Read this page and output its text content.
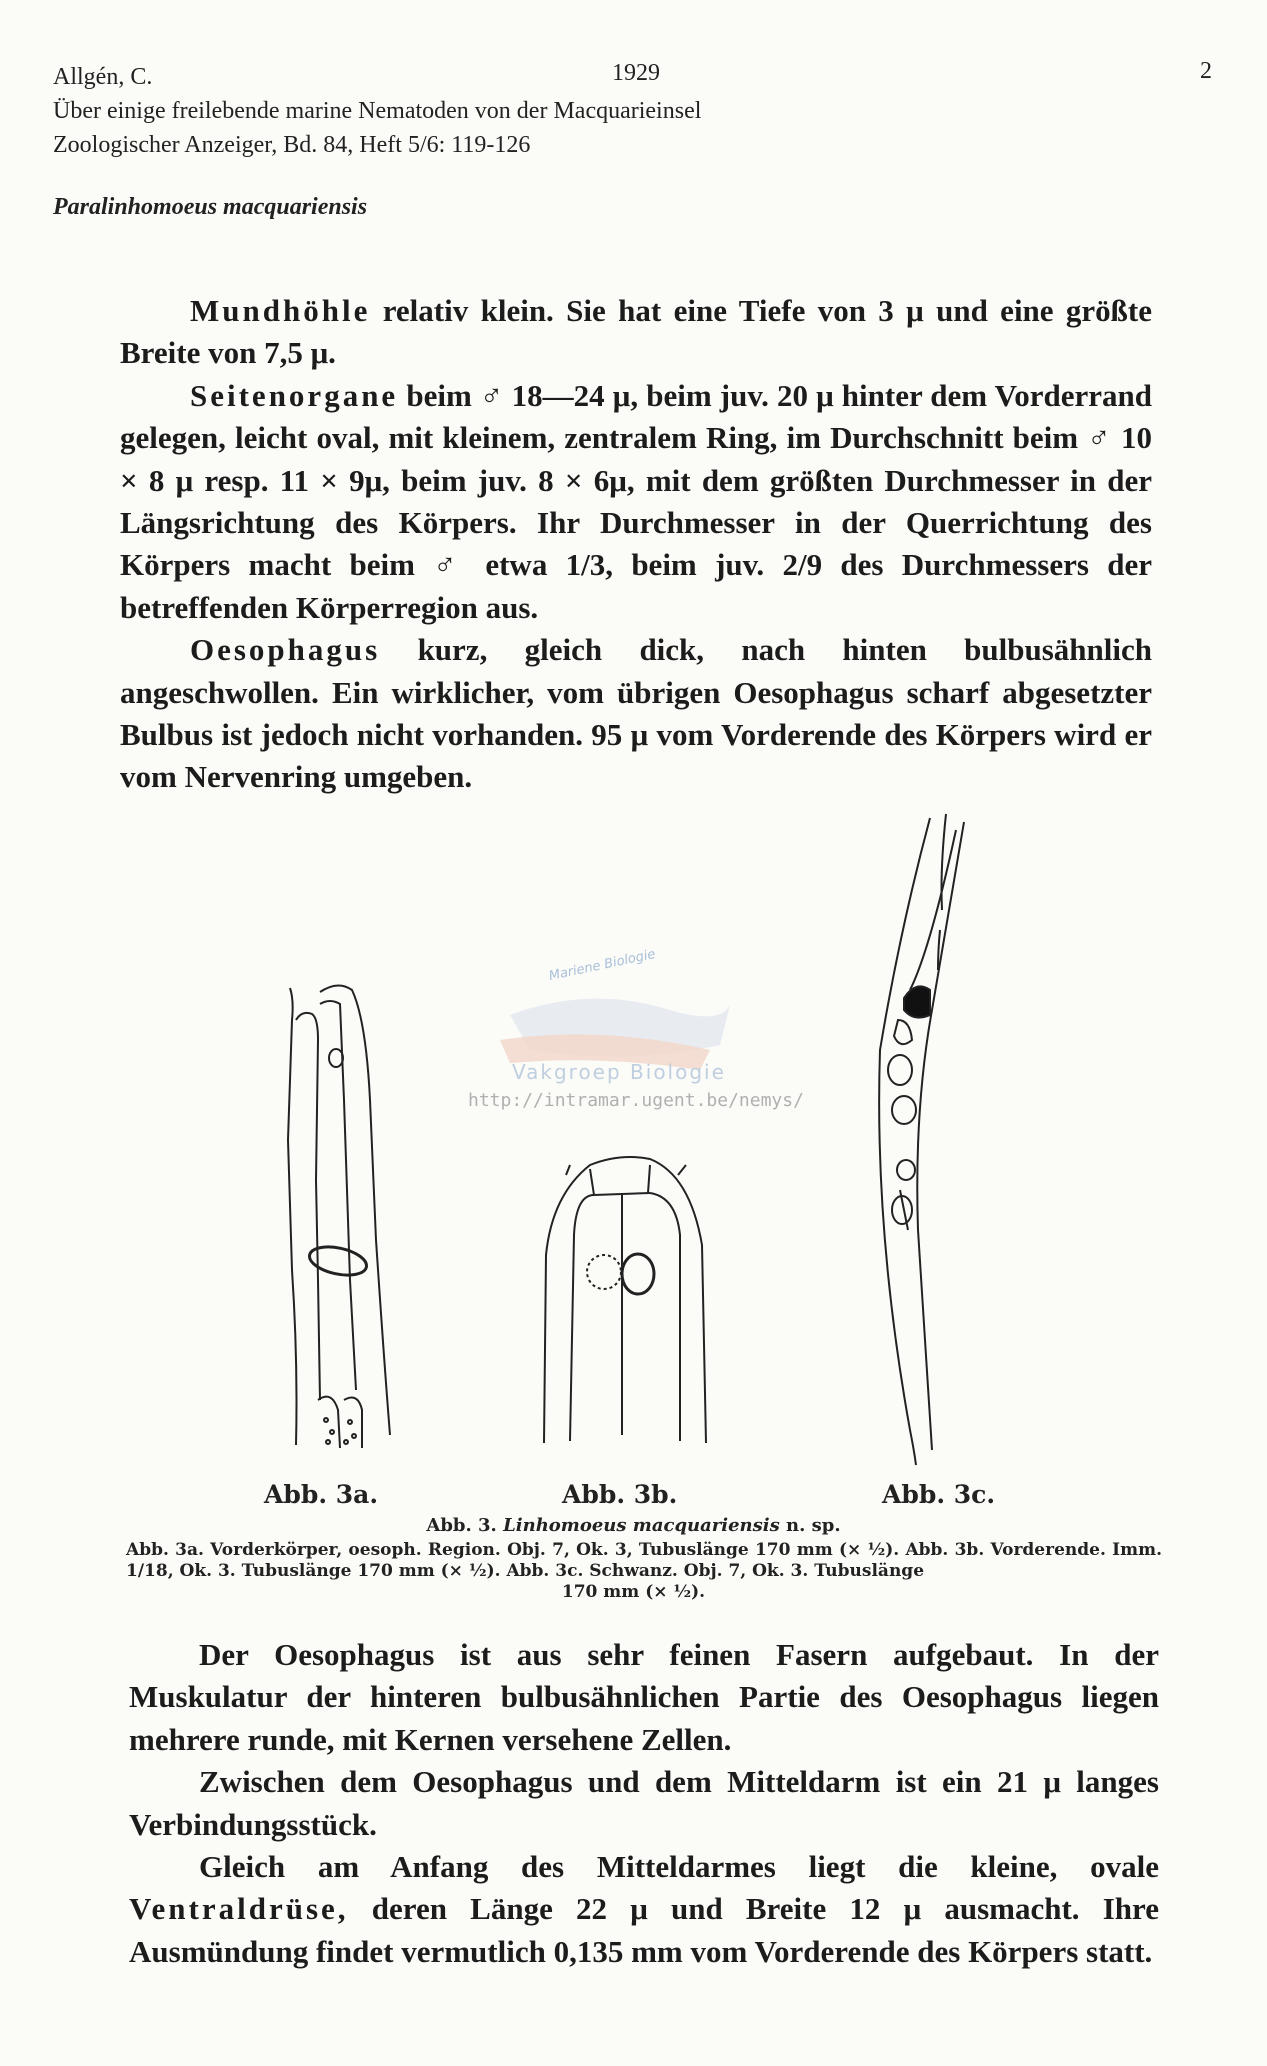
Allgén, C.	1929	2
Über einige freilebende marine Nematoden von der Macquarieinsel
Zoologischer Anzeiger, Bd. 84, Heft 5/6: 119-126
Paralinhomoeus macquariensis

Mundhöhle relativ klein. Sie hat eine Tiefe von 3 μ und eine größte Breite von 7,5 μ.

Seitenorgane beim ♂ 18—24 μ, beim juv. 20 μ hinter dem Vorderrand gelegen, leicht oval, mit kleinem, zentralem Ring, im Durchschnitt beim ♂ 10 × 8 μ resp. 11 × 9μ, beim juv. 8 × 6μ, mit dem größten Durchmesser in der Längsrichtung des Körpers. Ihr Durchmesser in der Querrichtung des Körpers macht beim ♂ etwa 1/3, beim juv. 2/9 des Durchmessers der betreffenden Körperregion aus.

Oesophagus kurz, gleich dick, nach hinten bulbusähnlich angeschwollen. Ein wirklicher, vom übrigen Oesophagus scharf abgesetzter Bulbus ist jedoch nicht vorhanden. 95 μ vom Vorderende des Körpers wird er vom Nervenring umgeben.

Mariene Biologie
Vakgroep Biologie
http://intramar.ugent.be/nemys/
Abb. 3a.	Abb. 3b.	Abb. 3c.
Abb. 3. Linhomoeus macquariensis n. sp.
Abb. 3a. Vorderkörper, oesoph. Region. Obj. 7, Ok. 3, Tubuslänge 170 mm (× ½). Abb. 3b. Vorderende. Imm. 1/18, Ok. 3. Tubuslänge 170 mm (× ½). Abb. 3c. Schwanz. Obj. 7, Ok. 3. Tubuslänge
170 mm (× ½).

Der Oesophagus ist aus sehr feinen Fasern aufgebaut. In der Muskulatur der hinteren bulbusähnlichen Partie des Oesophagus liegen mehrere runde, mit Kernen versehene Zellen.

Zwischen dem Oesophagus und dem Mitteldarm ist ein 21 μ langes Verbindungsstück.

Gleich am Anfang des Mitteldarmes liegt die kleine, ovale Ventraldrüse, deren Länge 22 μ und Breite 12 μ ausmacht. Ihre Ausmündung findet vermutlich 0,135 mm vom Vorderende des Körpers statt.
